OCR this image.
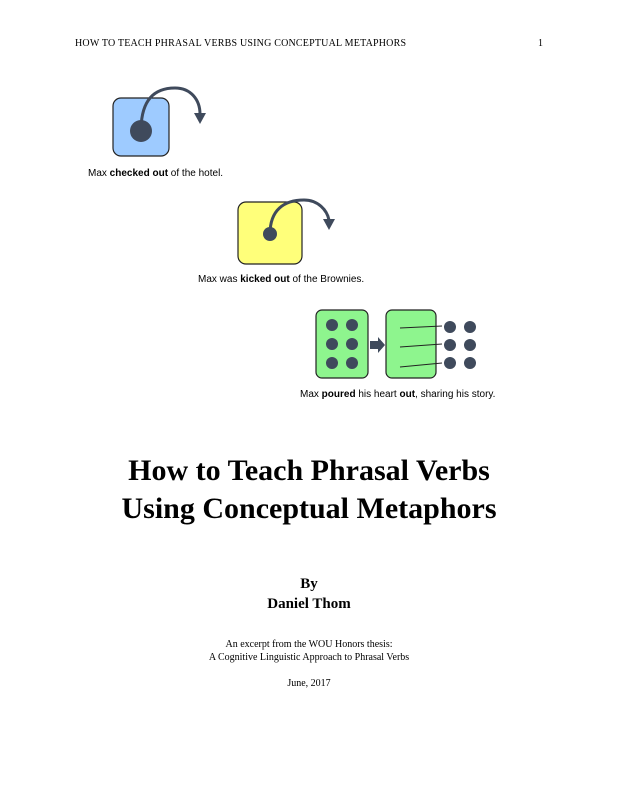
HOW TO TEACH PHRASAL VERBS USING CONCEPTUAL METAPHORS	1
Max checked out of the hotel.
Max was kicked out of the Brownies.
Max poured his heart out, sharing his story.
How to Teach Phrasal Verbs
Using Conceptual Metaphors
By
Daniel Thom
An excerpt from the WOU Honors thesis:
A Cognitive Linguistic Approach to Phrasal Verbs
June, 2017
